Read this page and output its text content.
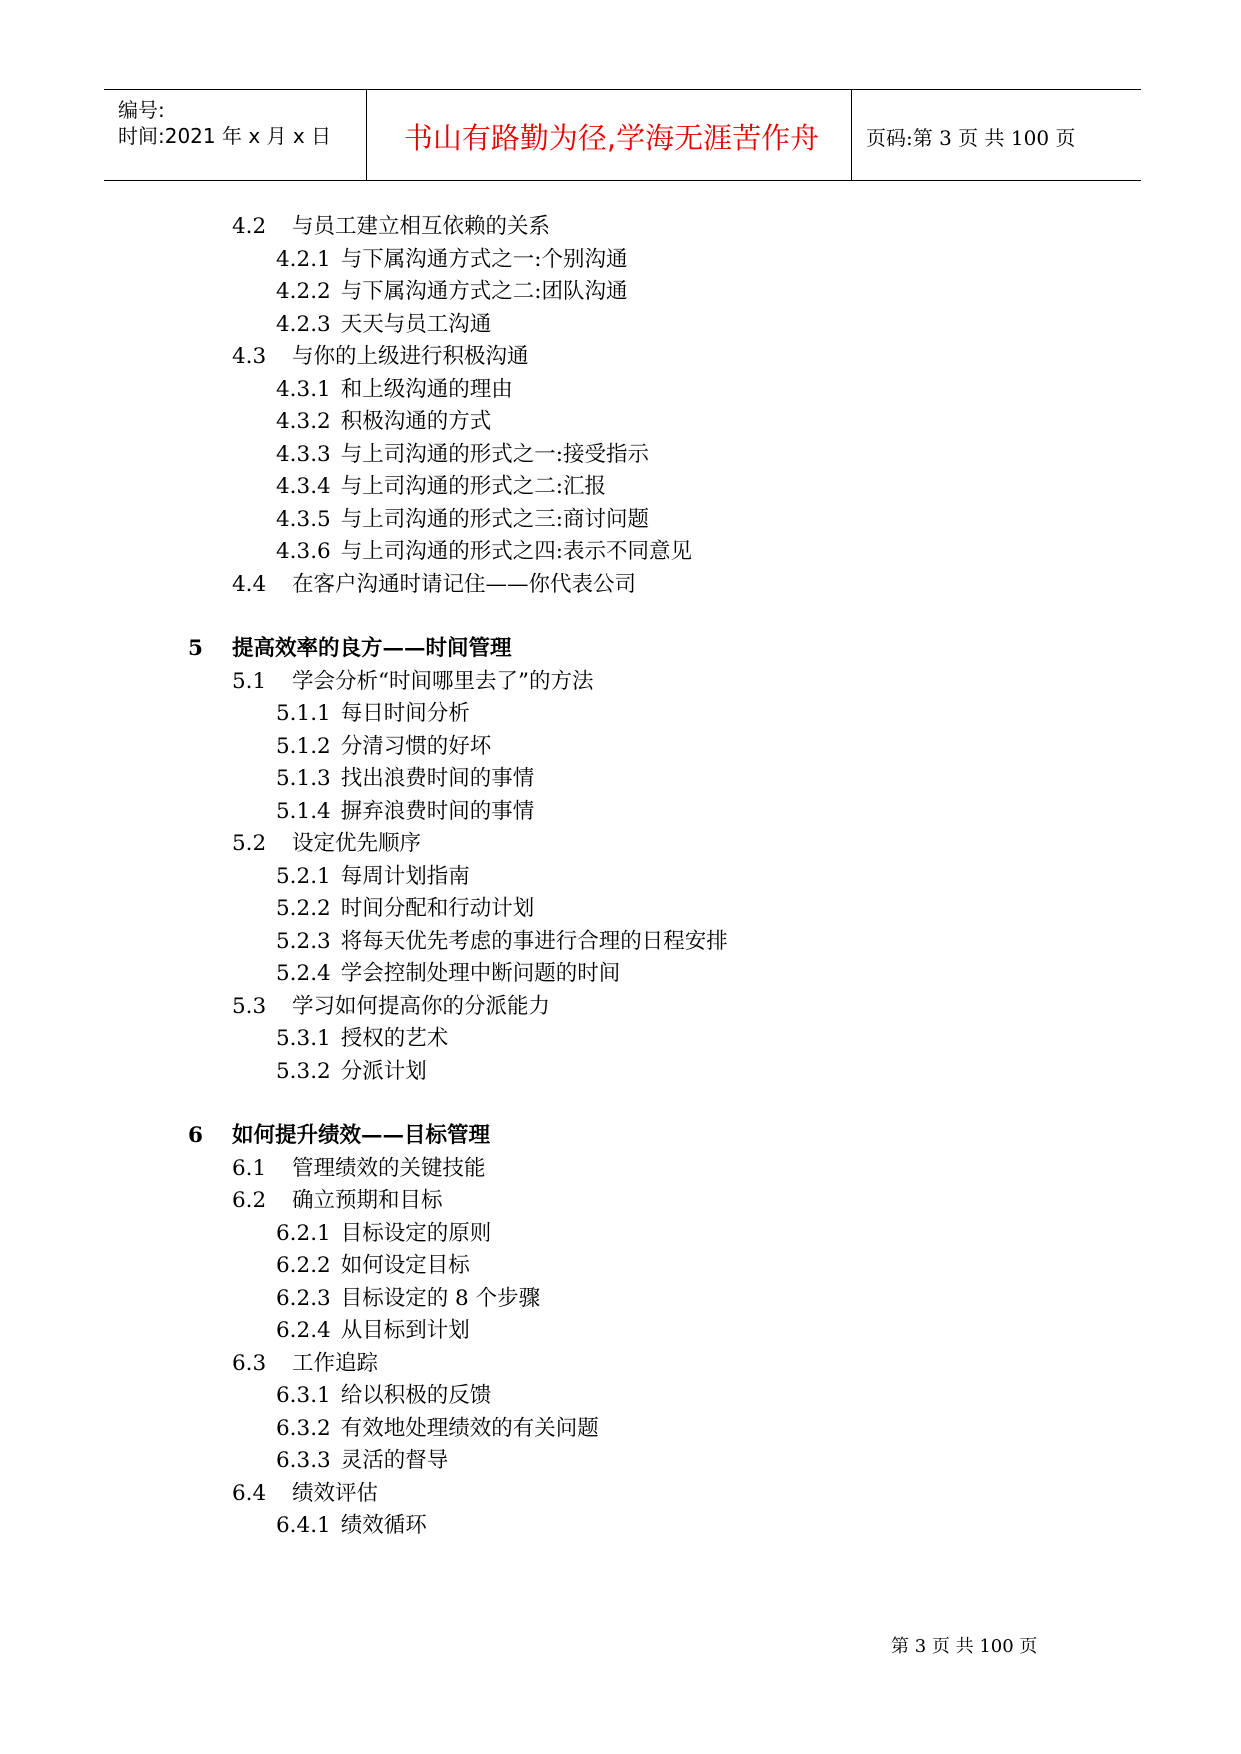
编号:
时间:2021 年 x 月 x 日	书山有路勤为径,学海无涯苦作舟	页码:第 3 页 共 100 页
4.2 与员工建立相互依赖的关系
4.2.1 与下属沟通方式之一:个别沟通
4.2.2 与下属沟通方式之二:团队沟通
4.2.3 天天与员工沟通
4.3 与你的上级进行积极沟通
4.3.1 和上级沟通的理由
4.3.2 积极沟通的方式
4.3.3 与上司沟通的形式之一:接受指示
4.3.4 与上司沟通的形式之二:汇报
4.3.5 与上司沟通的形式之三:商讨问题
4.3.6 与上司沟通的形式之四:表示不同意见
4.4 在客户沟通时请记住——你代表公司
5 提高效率的良方——时间管理
5.1 学会分析“时间哪里去了”的方法
5.1.1 每日时间分析
5.1.2 分清习惯的好坏
5.1.3 找出浪费时间的事情
5.1.4 摒弃浪费时间的事情
5.2 设定优先顺序
5.2.1 每周计划指南
5.2.2 时间分配和行动计划
5.2.3 将每天优先考虑的事进行合理的日程安排
5.2.4 学会控制处理中断问题的时间
5.3 学习如何提高你的分派能力
5.3.1 授权的艺术
5.3.2 分派计划
6 如何提升绩效——目标管理
6.1 管理绩效的关键技能
6.2 确立预期和目标
6.2.1 目标设定的原则
6.2.2 如何设定目标
6.2.3 目标设定的 8 个步骤
6.2.4 从目标到计划
6.3 工作追踪
6.3.1 给以积极的反馈
6.3.2 有效地处理绩效的有关问题
6.3.3 灵活的督导
6.4 绩效评估
6.4.1 绩效循环
第 3 页 共 100 页
